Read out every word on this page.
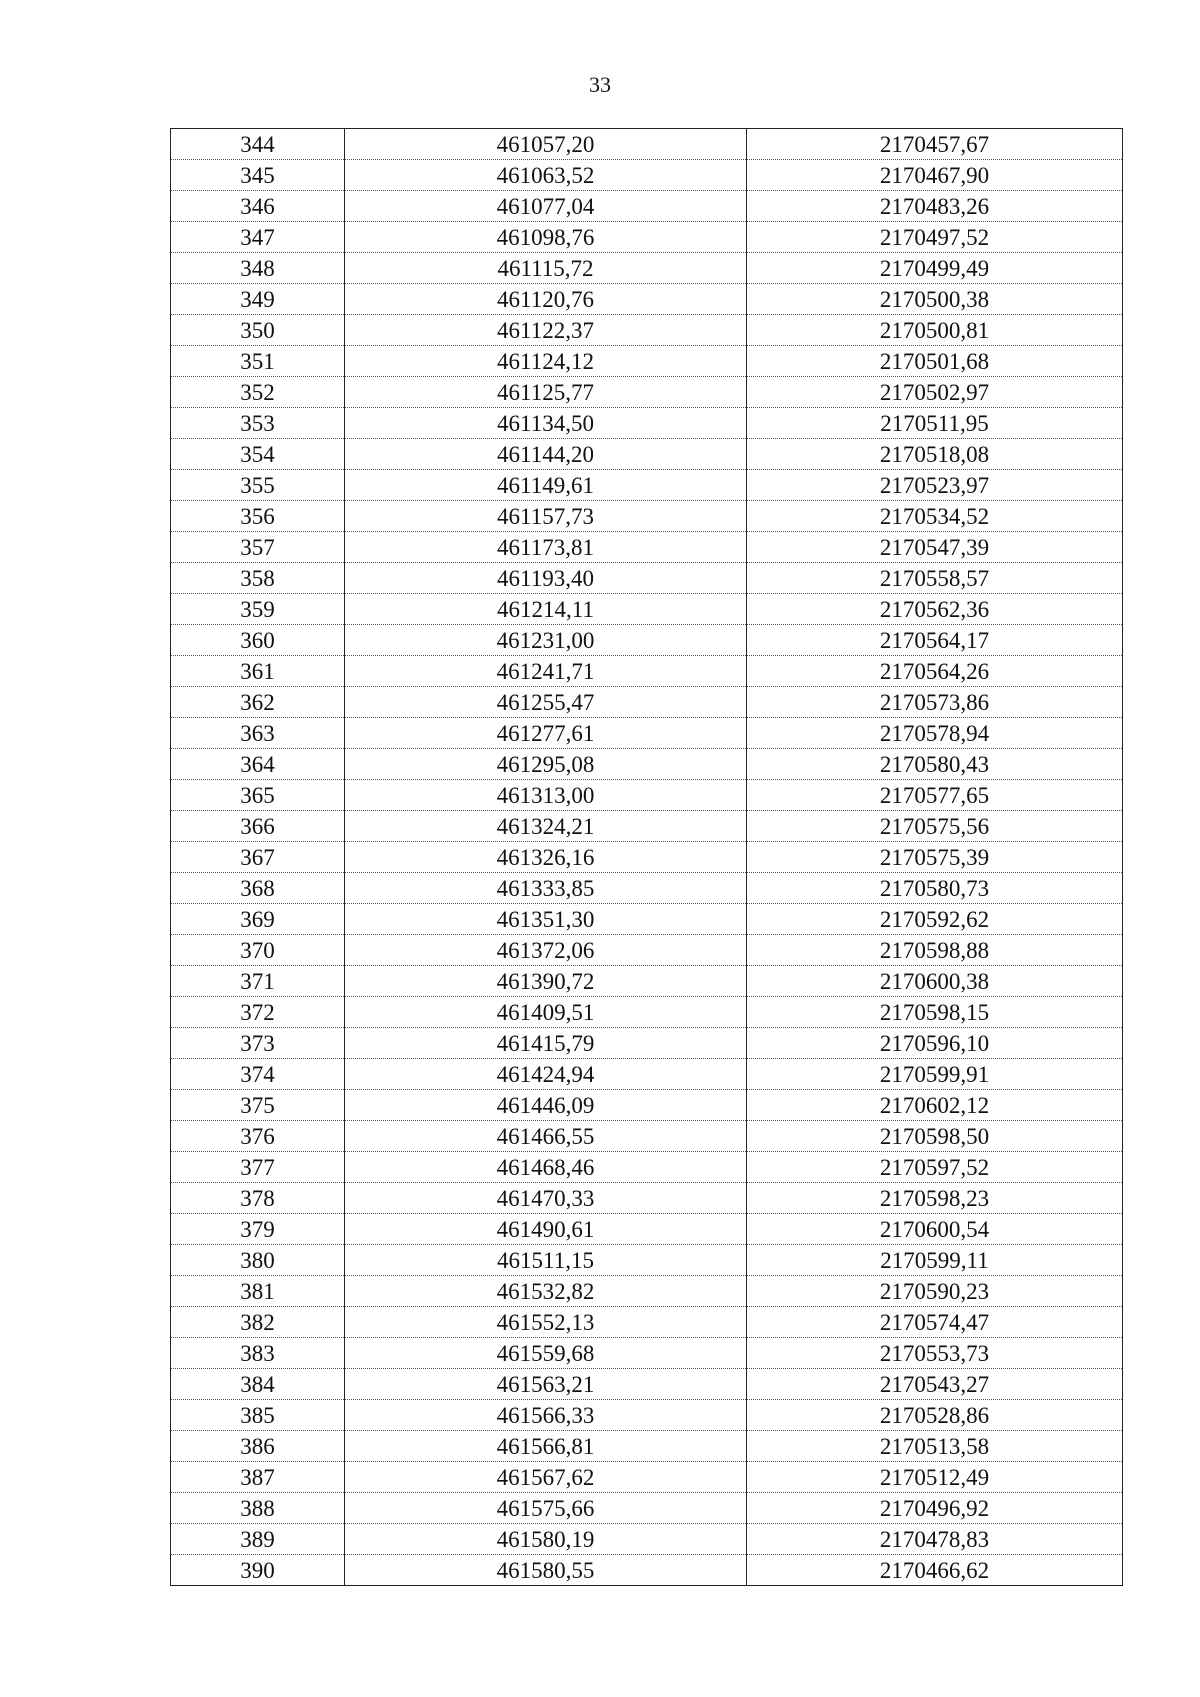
33
344	461057,20	2170457,67
345	461063,52	2170467,90
346	461077,04	2170483,26
347	461098,76	2170497,52
348	461115,72	2170499,49
349	461120,76	2170500,38
350	461122,37	2170500,81
351	461124,12	2170501,68
352	461125,77	2170502,97
353	461134,50	2170511,95
354	461144,20	2170518,08
355	461149,61	2170523,97
356	461157,73	2170534,52
357	461173,81	2170547,39
358	461193,40	2170558,57
359	461214,11	2170562,36
360	461231,00	2170564,17
361	461241,71	2170564,26
362	461255,47	2170573,86
363	461277,61	2170578,94
364	461295,08	2170580,43
365	461313,00	2170577,65
366	461324,21	2170575,56
367	461326,16	2170575,39
368	461333,85	2170580,73
369	461351,30	2170592,62
370	461372,06	2170598,88
371	461390,72	2170600,38
372	461409,51	2170598,15
373	461415,79	2170596,10
374	461424,94	2170599,91
375	461446,09	2170602,12
376	461466,55	2170598,50
377	461468,46	2170597,52
378	461470,33	2170598,23
379	461490,61	2170600,54
380	461511,15	2170599,11
381	461532,82	2170590,23
382	461552,13	2170574,47
383	461559,68	2170553,73
384	461563,21	2170543,27
385	461566,33	2170528,86
386	461566,81	2170513,58
387	461567,62	2170512,49
388	461575,66	2170496,92
389	461580,19	2170478,83
390	461580,55	2170466,62
